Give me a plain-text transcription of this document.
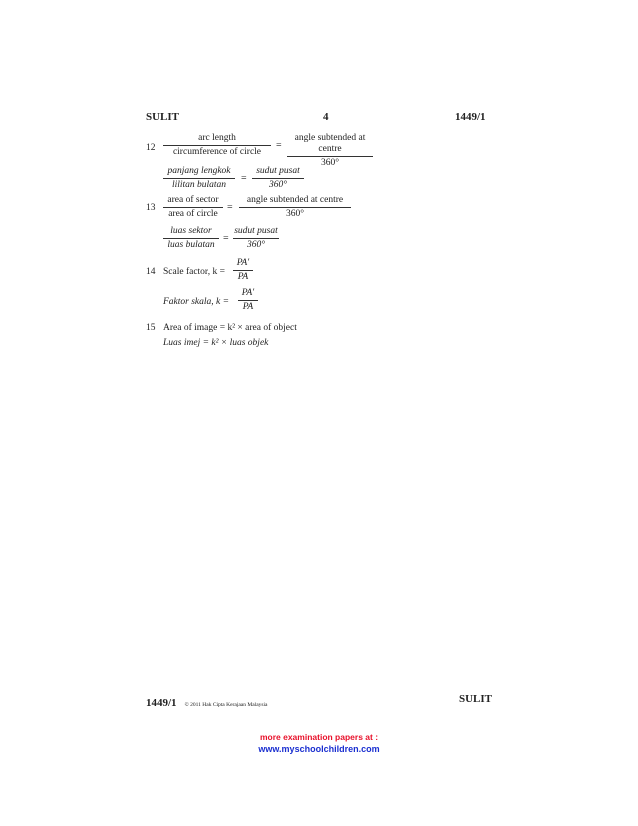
SULIT	4	1449/1
12
arc length
circumference of circle
=
angle subtended at centre
360°
panjang lengkok
lilitan bulatan
=
sudut pusat
360°
13
area of sector
area of circle
=
angle subtended at centre
360°
luas sektor
luas bulatan
=
sudut pusat
360°
14 Scale factor, $k = \frac{PA'}{PA}$
Faktor skala, $k = \frac{PA'}{PA}$
15 Area of image = k² × area of object
Luas imej = k² × luas objek
1449/1 © 2011 Hak Cipta Kerajaan Malaysia	SULIT
more examination papers at :
www.myschoolchildren.com
